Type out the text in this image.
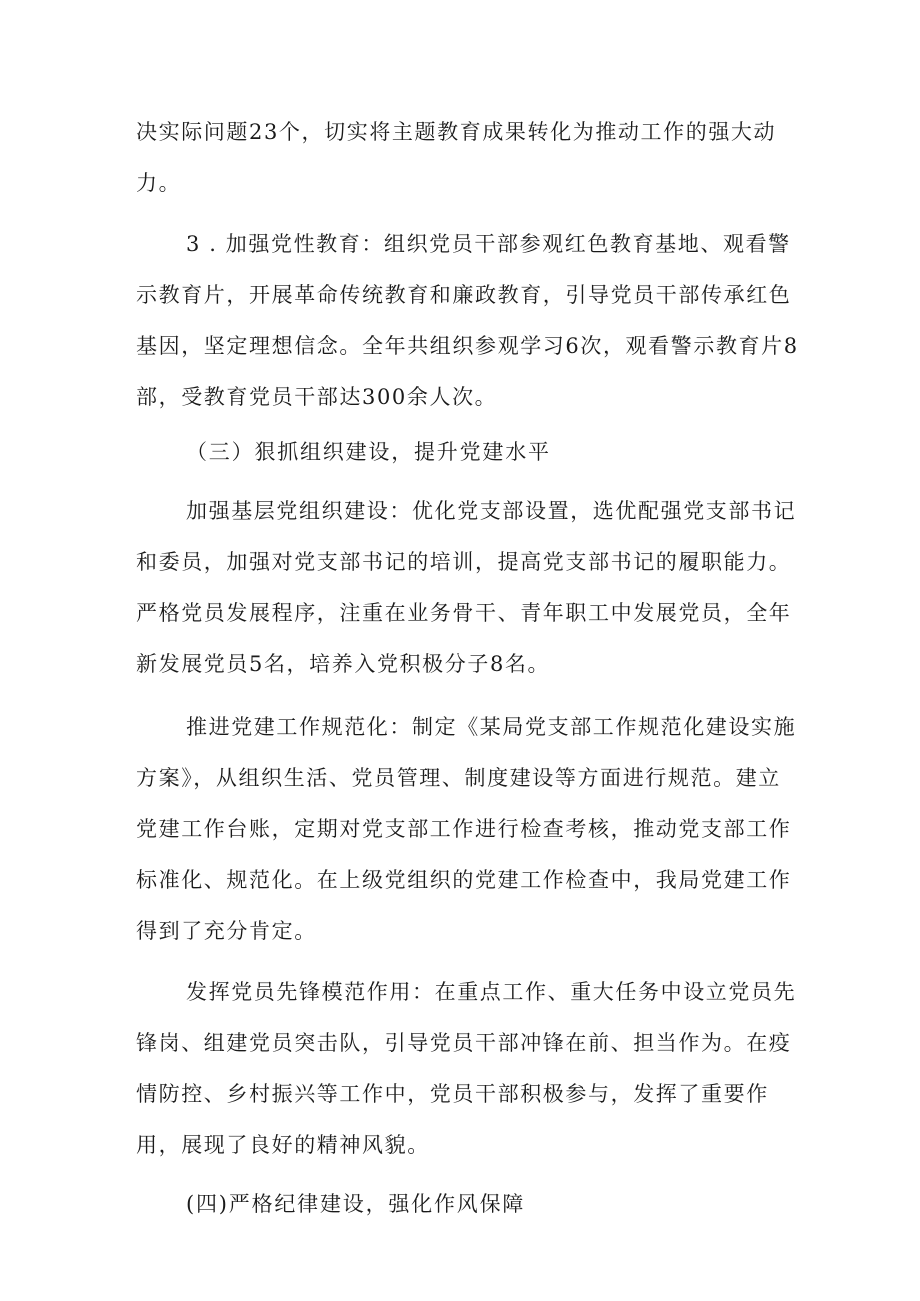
决实际问题23个，切实将主题教育成果转化为推动工作的强大动

力。

3 . 加强党性教育：组织党员干部参观红色教育基地、观看警

示教育片，开展革命传统教育和廉政教育，引导党员干部传承红色

基因，坚定理想信念。全年共组织参观学习6次，观看警示教育片8

部，受教育党员干部达300余人次。

（三）狠抓组织建设，提升党建水平

加强基层党组织建设：优化党支部设置，选优配强党支部书记

和委员，加强对党支部书记的培训，提高党支部书记的履职能力。

严格党员发展程序，注重在业务骨干、青年职工中发展党员，全年

新发展党员5名，培养入党积极分子8名。

推进党建工作规范化：制定《某局党支部工作规范化建设实施

方案》，从组织生活、党员管理、制度建设等方面进行规范。建立

党建工作台账，定期对党支部工作进行检查考核，推动党支部工作

标准化、规范化。在上级党组织的党建工作检查中，我局党建工作

得到了充分肯定。

发挥党员先锋模范作用：在重点工作、重大任务中设立党员先

锋岗、组建党员突击队，引导党员干部冲锋在前、担当作为。在疫

情防控、乡村振兴等工作中，党员干部积极参与，发挥了重要作

用，展现了良好的精神风貌。

(四)严格纪律建设，强化作风保障
